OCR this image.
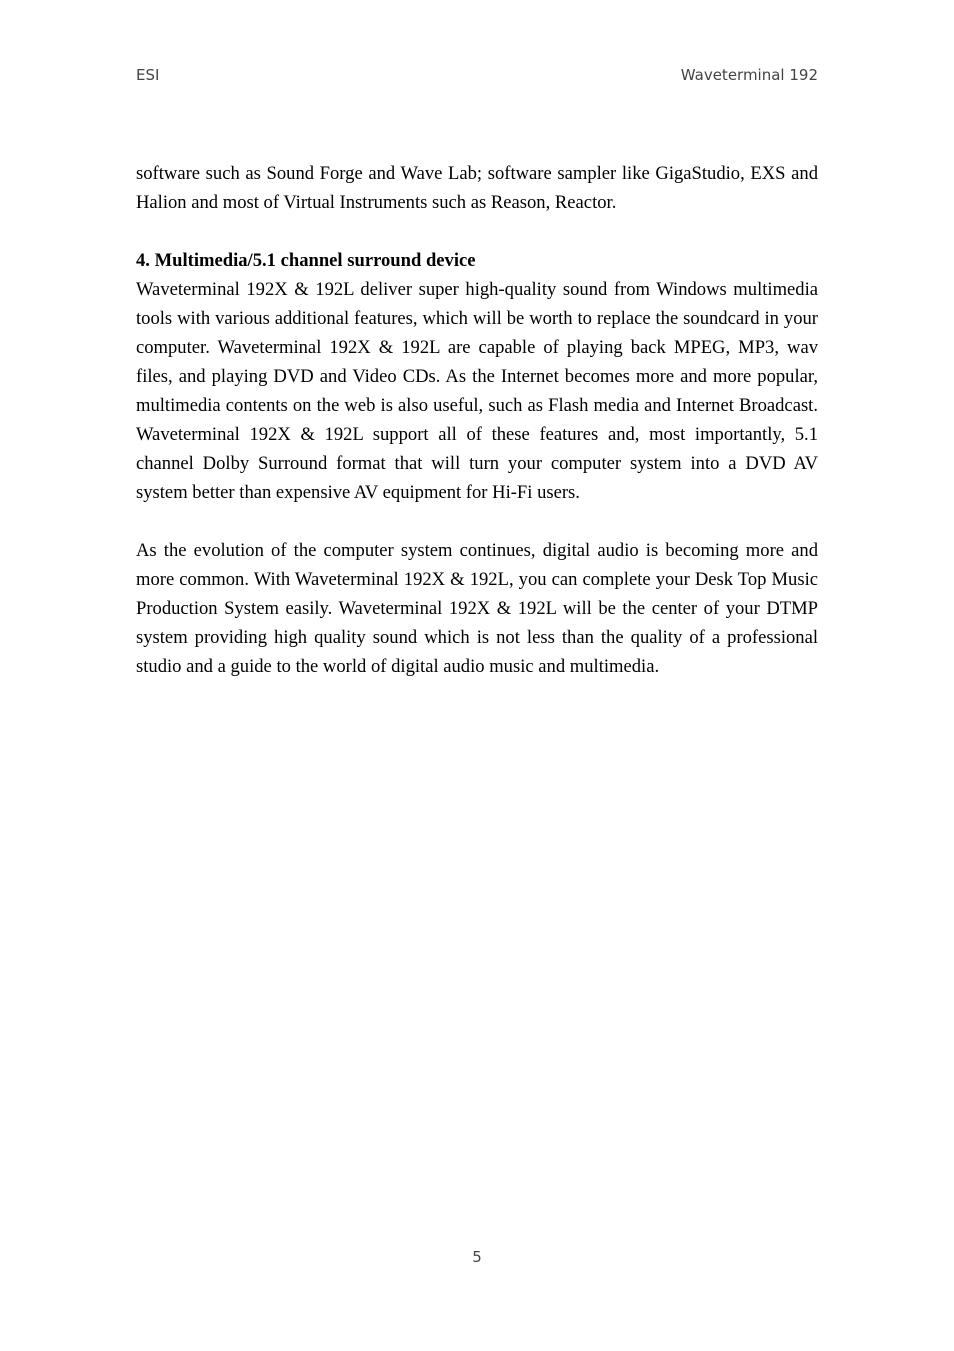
ESI	Waveterminal 192

software such as Sound Forge and Wave Lab; software sampler like GigaStudio, EXS and Halion and most of Virtual Instruments such as Reason, Reactor.

4. Multimedia/5.1 channel surround device

Waveterminal 192X & 192L deliver super high-quality sound from Windows multimedia tools with various additional features, which will be worth to replace the soundcard in your computer. Waveterminal 192X & 192L are capable of playing back MPEG, MP3, wav files, and playing DVD and Video CDs. As the Internet becomes more and more popular, multimedia contents on the web is also useful, such as Flash media and Internet Broadcast. Waveterminal 192X & 192L support all of these features and, most importantly, 5.1 channel Dolby Surround format that will turn your computer system into a DVD AV system better than expensive AV equipment for Hi-Fi users.

As the evolution of the computer system continues, digital audio is becoming more and more common. With Waveterminal 192X & 192L, you can complete your Desk Top Music Production System easily. Waveterminal 192X & 192L will be the center of your DTMP system providing high quality sound which is not less than the quality of a professional studio and a guide to the world of digital audio music and multimedia.

5
